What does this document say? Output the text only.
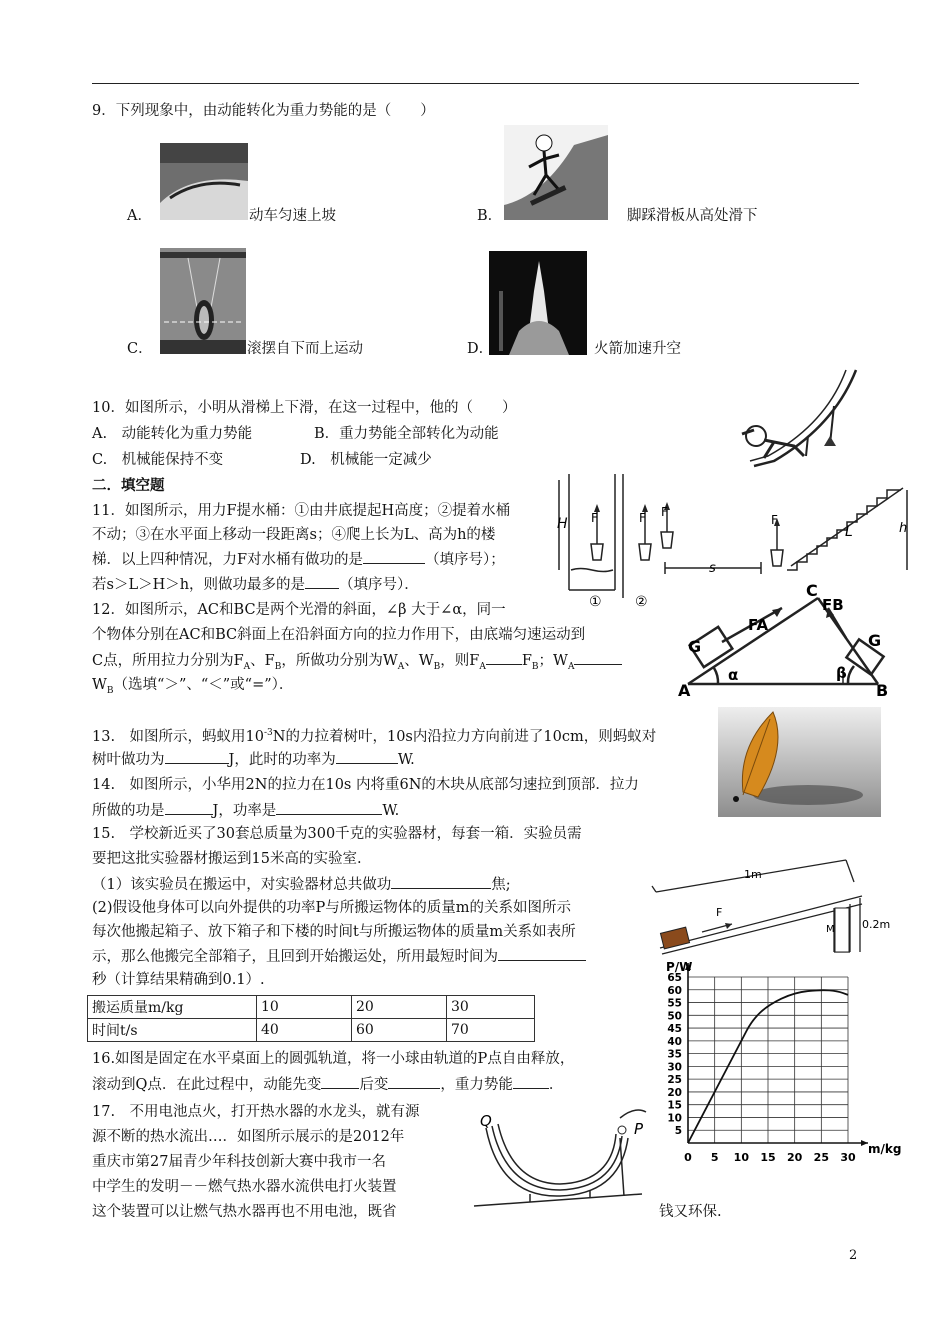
9．下列现象中，由动能转化为重力势能的是（　　）
A．	动车匀速上坡	B．	脚踩滑板从高处滑下
C．	滚摆自下而上运动	D．	火箭加速升空
10．如图所示，小明从滑梯上下滑，在这一过程中，他的（　　）
A.　动能转化为重力势能	B．重力势能全部转化为动能
C.　机械能保持不变	D.　机械能一定减少
二．填空题
11．如图所示，用力F提水桶：①由井底提起H高度；②提着水桶
不动；③在水平面上移动一段距离s；④爬上长为L、高为h的楼
梯．以上四种情况，力F对水桶有做功的是	（填序号）；
若s＞L＞H＞h，则做功最多的是 （填序号）．
H F	F F
F
s
L	h
① ②
12．如图所示，AC和BC是两个光滑的斜面，∠β 大于∠α，同一
个物体分别在AC和BC斜面上在沿斜面方向的拉力作用下，由底端匀速运动到
C点，所用拉力分别为$F_A$、$F_B$，所做功分别为$W_A$、$W_B$，则$F_A$ $F_B$；$W_A$
$W_B$（选填“＞”、“＜”或“=”）．	A	B
C
G	G
FA
FB
α	β
13.　如图所示，蚂蚁用$10^{-3}N$的力拉着树叶，10s内沿拉力方向前进了10cm，则蚂蚁对
树叶做功为	J，此时的功率为	W.
14.　如图所示，小华用2N的拉力在10s 内将重6N的木块从底部匀速拉到顶部．拉力
所做的功是	J，功率是	W.
15.　学校新近买了30套总质量为300千克的实验器材，每套一箱．实验员需
要把这批实验器材搬运到15米高的实验室.
（1）该实验员在搬运中，对实验器材总共做功	焦;
(2)假设他身体可以向外提供的功率P与所搬运物体的质量m的关系如图所示
每次他搬起箱子、放下箱子和下楼的时间t与所搬运物体的质量m关系如表所
示，那么他搬完全部箱子，且回到开始搬运处，所用最短时间为
秒（计算结果精确到0.1）.
1m
0.2m
F
M
搬运质量m/kg	10	20	30
时间t/s	40	60	70
0 5 10 15 20 25 30
5
10
15
20
25
30
35
40
45
50
55
60
65
m/kg
P/W
16.如图是固定在水平桌面上的圆弧轨道，将一小球由轨道的P点自由释放，
滚动到Q点．在此过程中，动能先变	后变	，重力势能 ．
17.　不用电池点火，打开热水器的水龙头，就有源
源不断的热水流出…．如图所示展示的是2012年
重庆市第27届青少年科技创新大赛中我市一名
中学生的发明－－燃气热水器水流供电打火装置
这个装置可以让燃气热水器再也不用电池，既省	钱又环保.
Q	P
2
